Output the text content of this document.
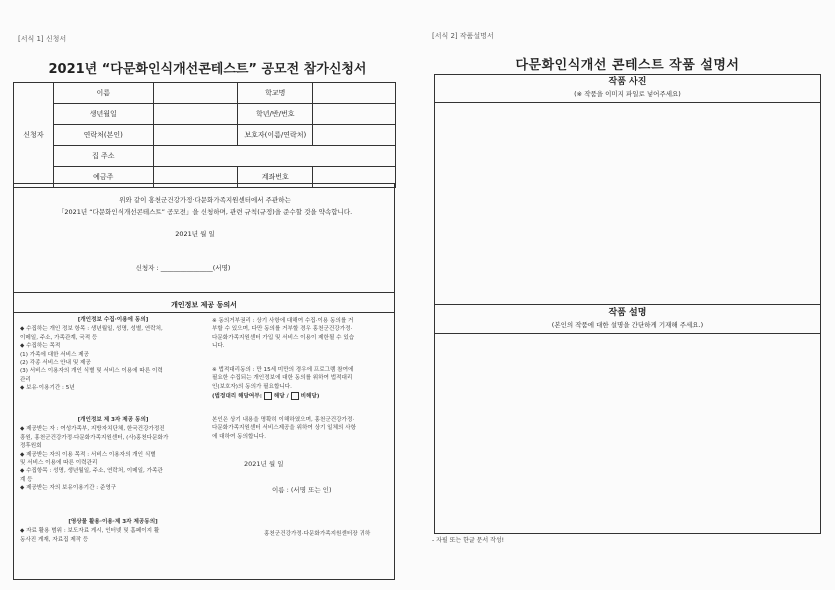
[서식 1] 신청서
2021년 “다문화인식개선콘테스트” 공모전 참가신청서
신청자	이름		학교명	
	생년월일		학년/반/번호	
	연락처(본인)		보호자(이름/연락처)	
	집 주소			
	예금주		계좌번호	
위와 같이 홍천군건강가정·다문화가족지원센터에서 주관하는
「2021년 “다문화인식개선콘테스트” 공모전」을 신청하며, 관련 규칙(규정)을 준수할 것을 약속합니다.
2021년 월 일
신청자 : ________________(서명)
개인정보 제공 동의서
[개인정보 수집·이용에 동의]

◆ 수집하는 개인 정보 항목 : 생년월일, 성명, 성별, 연락처,

이메일, 주소, 가족관계, 국적 등

◆ 수집하는 목적

(1) 가족에 대한 서비스 제공

(2) 각종 서비스 안내 및 제공

(3) 서비스 이용자의 개인 식별 및 서비스 이용에 따른 이력

관리

◆ 보유·이용기간 : 5년

[개인정보 제 3자 제공 동의]

◆ 제공받는 자 : 여성가족부, 지방자치단체, 한국건강가정진

흥원, 홍천군건강가정·다문화가족지원센터, (사)홍천다문화가

정후원회

◆ 제공받는 자의 이용 목적 : 서비스 이용자의 개인 식별

및 서비스 이용에 따른 이력관리

◆ 수집항목 : 성명, 생년월일, 주소, 연락처, 이메일, 가족관

계 등

◆ 제공받는 자의 보유이용기간 : 준영구

[영상물 활용·이용·제 3자 제공동의]

◆ 자료 활용 범위 : 보도자료 게시, 인터넷 및 홈페이지 활

동사진 게재, 자료집 제작 등

※ 동의거부권리 : 상기 사항에 대해여 수집·이용 동의를 거

부할 수 있으며, 다만 동의를 거부할 경우 홍천군건강가정·

다문화가족지원센터 가입 및 서비스 이용이 제한될 수 있습

니다.

※ 법적대리동의 : 만 15세 미만의 경우에 프로그램 참여에

필요한 수집되는 개인정보에 대한 동의를 위하여 법적대리

인(보호자)의 동의가 필요합니다.

(법정대리 해당여부: 해당 / 비해당)

본인은 상기 내용을 명확히 이해하였으며, 홍천군건강가정·

다문화가족지원센터 서비스제공을 위하여 상기 일체의 사항

에 대하여 동의합니다.

2021년 월 일
이름 : (서명 또는 인)
홍천군건강가정·다문화가족지원센터장 귀하
[서식 2] 작품설명서
다문화인식개선 콘테스트 작품 설명서
작품 사진
(※ 작품을 이미지 파일로 넣어주세요)
작품 설명
(본인의 작품에 대한 설명을 간단하게 기재해 주세요.)
- 자필 또는 한글 문서 작성!
